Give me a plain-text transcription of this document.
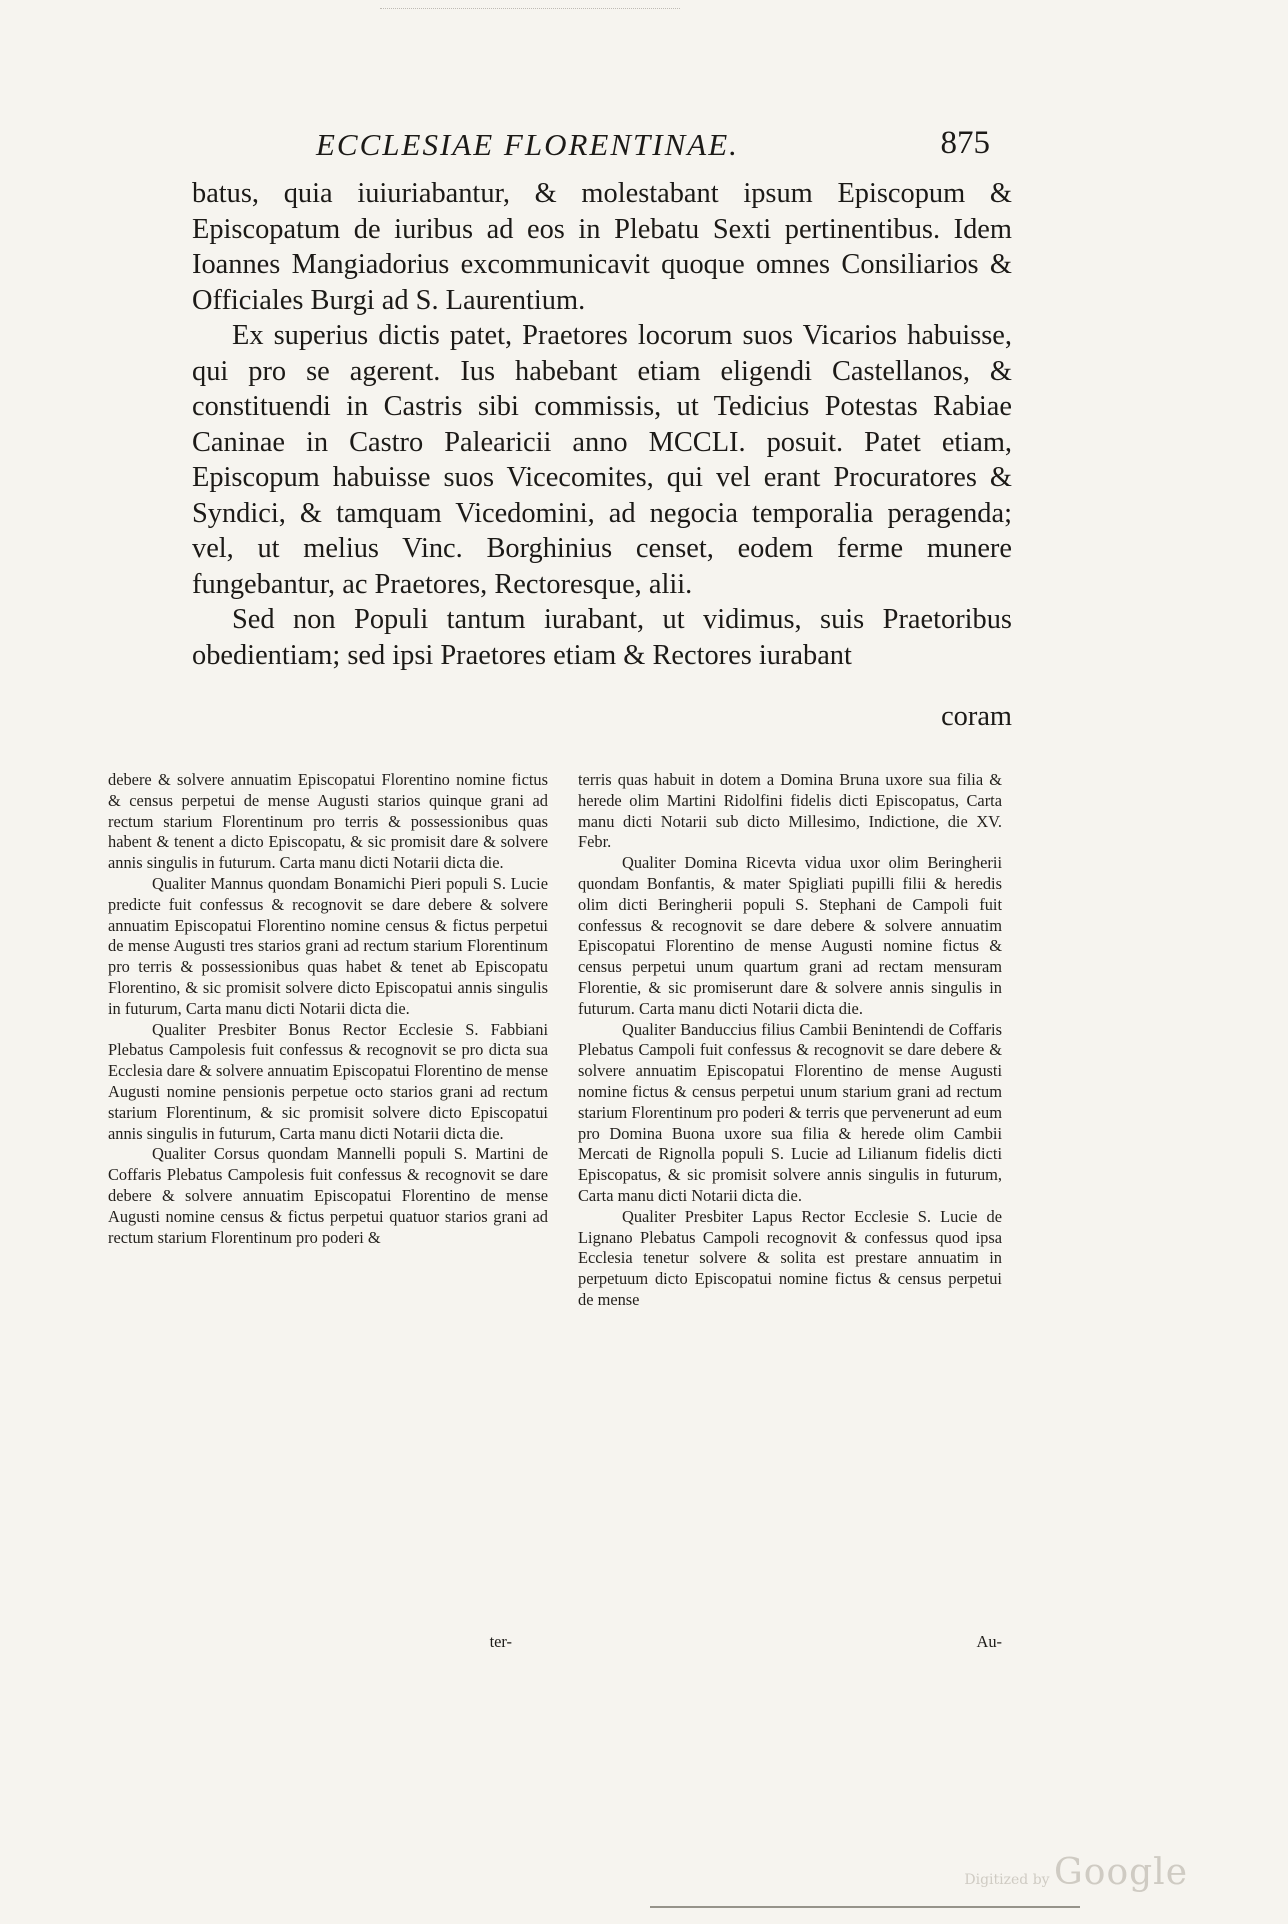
ECCLESIAE FLORENTINAE.	875

batus, quia iuiuriabantur, & molestabant ipsum Episcopum & Episcopatum de iuribus ad eos in Plebatu Sexti pertinentibus. Idem Ioannes Mangiadorius excommunicavit quoque omnes Consiliarios & Officiales Burgi ad S. Laurentium.

Ex superius dictis patet, Praetores locorum suos Vicarios habuisse, qui pro se agerent. Ius habebant etiam eligendi Castellanos, & constituendi in Castris sibi commissis, ut Tedicius Potestas Rabiae Caninae in Castro Palearicii anno MCCLI. posuit. Patet etiam, Episcopum habuisse suos Vicecomites, qui vel erant Procuratores & Syndici, & tamquam Vicedomini, ad negocia temporalia peragenda; vel, ut melius Vinc. Borghinius censet, eodem ferme munere fungebantur, ac Praetores, Rectoresque, alii.

Sed non Populi tantum iurabant, ut vidimus, suis Praetoribus obedientiam; sed ipsi Praetores etiam & Rectores iurabant

coram

debere & solvere annuatim Episcopatui Florentino nomine fictus & census perpetui de mense Augusti starios quinque grani ad rectum starium Florentinum pro terris & possessionibus quas habent & tenent a dicto Episcopatu, & sic promisit dare & solvere annis singulis in futurum. Carta manu dicti Notarii dicta die.

Qualiter Mannus quondam Bonamichi Pieri populi S. Lucie predicte fuit confessus & recognovit se dare debere & solvere annuatim Episcopatui Florentino nomine census & fictus perpetui de mense Augusti tres starios grani ad rectum starium Florentinum pro terris & possessionibus quas habet & tenet ab Episcopatu Florentino, & sic promisit solvere dicto Episcopatui annis singulis in futurum, Carta manu dicti Notarii dicta die.

Qualiter Presbiter Bonus Rector Ecclesie S. Fabbiani Plebatus Campolesis fuit confessus & recognovit se pro dicta sua Ecclesia dare & solvere annuatim Episcopatui Florentino de mense Augusti nomine pensionis perpetue octo starios grani ad rectum starium Florentinum, & sic promisit solvere dicto Episcopatui annis singulis in futurum, Carta manu dicti Notarii dicta die.

Qualiter Corsus quondam Mannelli populi S. Martini de Coffaris Plebatus Campolesis fuit confessus & recognovit se dare debere & solvere annuatim Episcopatui Florentino de mense Augusti nomine census & fictus perpetui quatuor starios grani ad rectum starium Florentinum pro poderi &

ter-

terris quas habuit in dotem a Domina Bruna uxore sua filia & herede olim Martini Ridolfini fidelis dicti Episcopatus, Carta manu dicti Notarii sub dicto Millesimo, Indictione, die XV. Febr.

Qualiter Domina Ricevta vidua uxor olim Beringherii quondam Bonfantis, & mater Spigliati pupilli filii & heredis olim dicti Beringherii populi S. Stephani de Campoli fuit confessus & recognovit se dare debere & solvere annuatim Episcopatui Florentino de mense Augusti nomine fictus & census perpetui unum quartum grani ad rectam mensuram Florentie, & sic promiserunt dare & solvere annis singulis in futurum. Carta manu dicti Notarii dicta die.

Qualiter Banduccius filius Cambii Benintendi de Coffaris Plebatus Campoli fuit confessus & recognovit se dare debere & solvere annuatim Episcopatui Florentino de mense Augusti nomine fictus & census perpetui unum starium grani ad rectum starium Florentinum pro poderi & terris que pervenerunt ad eum pro Domina Buona uxore sua filia & herede olim Cambii Mercati de Rignolla populi S. Lucie ad Lilianum fidelis dicti Episcopatus, & sic promisit solvere annis singulis in futurum, Carta manu dicti Notarii dicta die.

Qualiter Presbiter Lapus Rector Ecclesie S. Lucie de Lignano Plebatus Campoli recognovit & confessus quod ipsa Ecclesia tenetur solvere & solita est prestare annuatim in perpetuum dicto Episcopatui nomine fictus & census perpetui de mense

Au-
Digitized by Google
